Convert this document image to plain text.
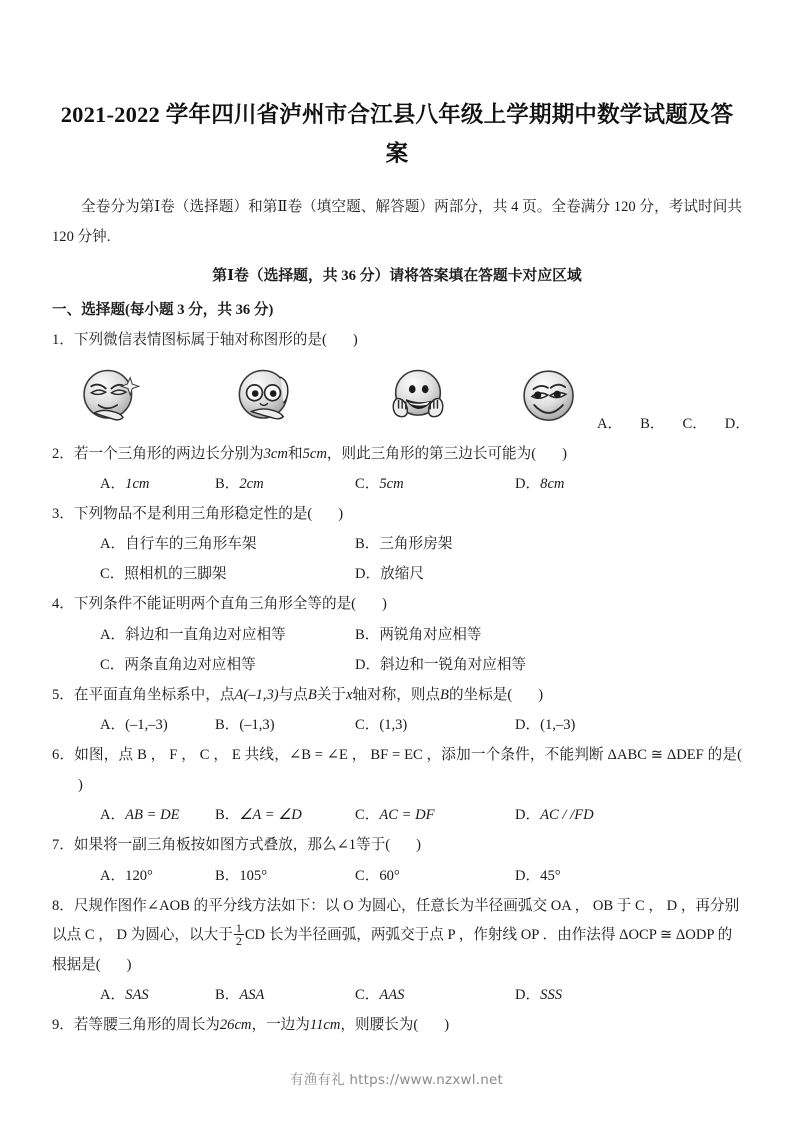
2021-2022 学年四川省泸州市合江县八年级上学期期中数学试题及答案
全卷分为第Ⅰ卷（选择题）和第Ⅱ卷（填空题、解答题）两部分，共 4 页。全卷满分 120 分，考试时间共 120 分钟.
第Ⅰ卷（选择题，共 36 分）请将答案填在答题卡对应区域
一、选择题(每小题 3 分，共 36 分)
1．下列微信表情图标属于轴对称图形的是( )
A． B． C． D．
2．若一个三角形的两边长分别为3cm和5cm，则此三角形的第三边长可能为( )
A．1cm	B．2cm	C．5cm	D．8cm
3．下列物品不是利用三角形稳定性的是( )
A．自行车的三角形车架	B．三角形房架
C．照相机的三脚架	D．放缩尺
4．下列条件不能证明两个直角三角形全等的是( )
A．斜边和一直角边对应相等	B．两锐角对应相等
C．两条直角边对应相等	D．斜边和一锐角对应相等
5．在平面直角坐标系中，点A(–1,3)与点B关于x轴对称，则点B的坐标是( )
A．(–1,–3)	B．(–1,3)	C．(1,3)	D．(1,–3)
6．如图，点 B ， F ， C ， E 共线，∠B = ∠E ， BF = EC ，添加一个条件，不能判断 ΔABC ≅ ΔDEF 的是()
A．AB = DE B．∠A = ∠D	C．AC = DF	D．AC / /FD
7．如果将一副三角板按如图方式叠放，那么∠1等于( )
A．120°	B．105°	C．60°	D．45°
8．尺规作图作∠AOB 的平分线方法如下：以 O 为圆心，任意长为半径画弧交 OA ， OB 于 C ， D ，再分别
以点 C ， D 为圆心，以大于 $\frac{1}{2}$ CD 长为半径画弧，两弧交于点 P ，作射线 OP ．由作法得 ΔOCP ≅ ΔODP 的
根据是( )
A．SAS	B．ASA	C．AAS	D．SSS
9．若等腰三角形的周长为26cm，一边为11cm，则腰长为( )
有渔有礼 https://www.nzxwl.net
